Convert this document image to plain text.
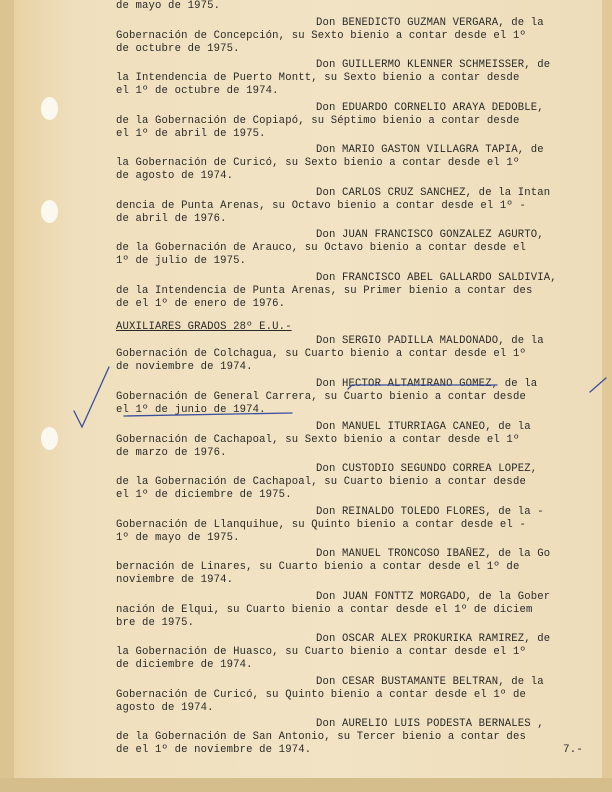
de mayo de 1975.
Don BENEDICTO GUZMAN VERGARA, de la
Gobernación de Concepción, su Sexto bienio a contar desde el 1º
de octubre de 1975.
Don GUILLERMO KLENNER SCHMEISSER, de
la Intendencia de Puerto Montt, su Sexto bienio a contar desde
el 1º de octubre de 1974.
Don EDUARDO CORNELIO ARAYA DEDOBLE,
de la Gobernación de Copiapó, su Séptimo bienio a contar desde
el 1º de abril de 1975.
Don MARIO GASTON VILLAGRA TAPIA, de
la Gobernación de Curicó, su Sexto bienio a contar desde el 1º
de agosto de 1974.
Don CARLOS CRUZ SANCHEZ, de la Intan
dencia de Punta Arenas, su Octavo bienio a contar desde el 1º -
de abril de 1976.
Don JUAN FRANCISCO GONZALEZ AGURTO,
de la Gobernación de Arauco, su Octavo bienio a contar desde el
1º de julio de 1975.
Don FRANCISCO ABEL GALLARDO SALDIVIA,
de la Intendencia de Punta Arenas, su Primer bienio a contar des
de el 1º de enero de 1976.
AUXILIARES GRADOS 28º E.U.-
Don SERGIO PADILLA MALDONADO, de la
Gobernación de Colchagua, su Cuarto bienio a contar desde el 1º
de noviembre de 1974.
Don HECTOR ALTAMIRANO GOMEZ, de la
Gobernación de General Carrera, su Cuarto bienio a contar desde
el 1º de junio de 1974.
Don MANUEL ITURRIAGA CANEO, de la
Gobernación de Cachapoal, su Sexto bienio a contar desde el 1º
de marzo de 1976.
Don CUSTODIO SEGUNDO CORREA LOPEZ,
de la Gobernación de Cachapoal, su Cuarto bienio a contar desde
el 1º de diciembre de 1975.
Don REINALDO TOLEDO FLORES, de la -
Gobernación de Llanquihue, su Quinto bienio a contar desde el -
1º de mayo de 1975.
Don MANUEL TRONCOSO IBAÑEZ, de la Go
bernación de Linares, su Cuarto bienio a contar desde el 1º de
noviembre de 1974.
Don JUAN FONTTZ MORGADO, de la Gober
nación de Elqui, su Cuarto bienio a contar desde el 1º de diciem
bre de 1975.
Don OSCAR ALEX PROKURIKA RAMIREZ, de
la Gobernación de Huasco, su Cuarto bienio a contar desde el 1º
de diciembre de 1974.
Don CESAR BUSTAMANTE BELTRAN, de la
Gobernación de Curicó, su Quinto bienio a contar desde el 1º de
agosto de 1974.
Don AURELIO LUIS PODESTA BERNALES ,
de la Gobernación de San Antonio, su Tercer bienio a contar des
de el 1º de noviembre de 1974.	7.-
